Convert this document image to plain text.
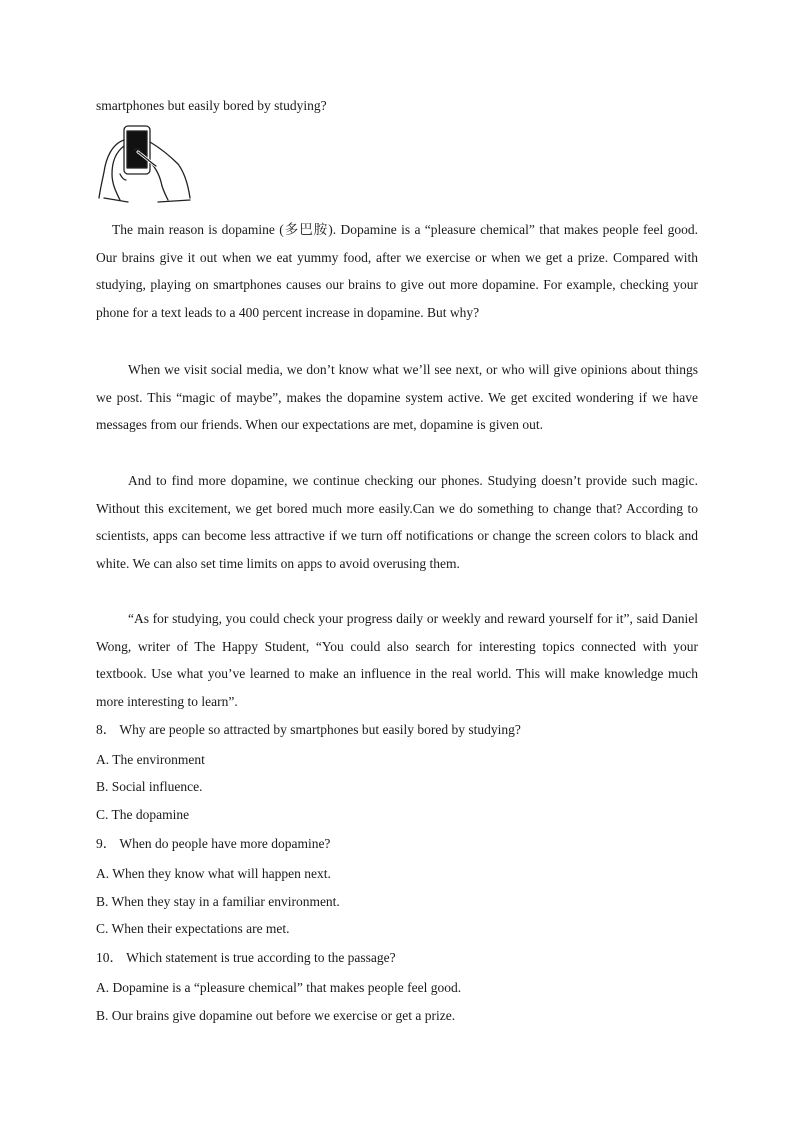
smartphones but easily bored by studying?
The main reason is dopamine (多巴胺). Dopamine is a “pleasure chemical” that makes people feel good. Our brains give it out when we eat yummy food, after we exercise or when we get a prize. Compared with studying, playing on smartphones causes our brains to give out more dopamine. For example, checking your phone for a text leads to a 400 percent increase in dopamine. But why?
When we visit social media, we don’t know what we’ll see next, or who will give opinions about things we post. This “magic of maybe”, makes the dopamine system active. We get excited wondering if we have messages from our friends. When our expectations are met, dopamine is given out.
And to find more dopamine, we continue checking our phones. Studying doesn’t provide such magic. Without this excitement, we get bored much more easily.Can we do something to change that? According to scientists, apps can become less attractive if we turn off notifications or change the screen colors to black and white. We can also set time limits on apps to avoid overusing them.
“As for studying, you could check your progress daily or weekly and reward yourself for it”, said Daniel Wong, writer of The Happy Student, “You could also search for interesting topics connected with your textbook. Use what you’ve learned to make an influence in the real world. This will make knowledge much more interesting to learn”.
8． Why are people so attracted by smartphones but easily bored by studying?
A. The environment
B. Social influence.
C. The dopamine
9． When do people have more dopamine?
A. When they know what will happen next.
B. When they stay in a familiar environment.
C. When their expectations are met.
10． Which statement is true according to the passage?
A. Dopamine is a “pleasure chemical” that makes people feel good.
B. Our brains give dopamine out before we exercise or get a prize.
